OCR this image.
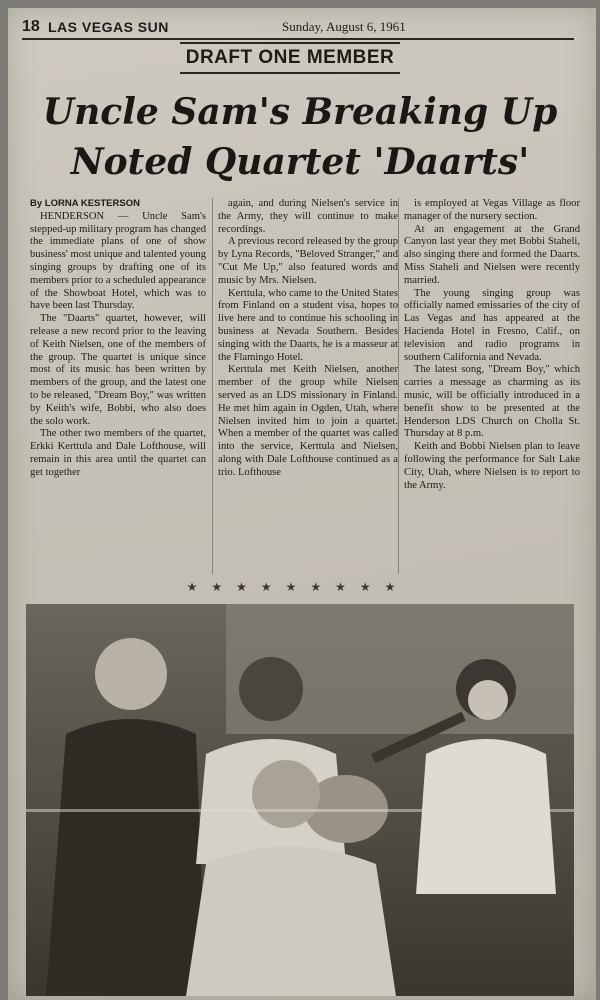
18 LAS VEGAS SUN	Sunday, August 6, 1961
DRAFT ONE MEMBER
Uncle Sam's Breaking Up
Noted Quartet 'Daarts'

By LORNA KESTERSON

HENDERSON — Uncle Sam's stepped-up military program has changed the immediate plans of one of show business' most unique and talented young singing groups by drafting one of its members prior to a scheduled appearance of the Showboat Hotel, which was to have been last Thursday.

The "Daarts" quartet, however, will release a new record prior to the leaving of Keith Nielsen, one of the members of the group. The quartet is unique since most of its music has been written by members of the group, and the latest one to be released, "Dream Boy," was written by Keith's wife, Bobbi, who also does the solo work.

The other two members of the quartet, Erkki Kerttula and Dale Lofthouse, will remain in this area until the quartet can get together

again, and during Nielsen's service in the Army, they will continue to make recordings.

A previous record released by the group by Lyna Records, "Beloved Stranger," and "Cut Me Up," also featured words and music by Mrs. Nielsen.

Kerttula, who came to the United States from Finland on a student visa, hopes to live here and to continue his schooling in business at Nevada Southern. Besides singing with the Daarts, he is a masseur at the Flamingo Hotel.

Kerttula met Keith Nielsen, another member of the group while Nielsen served as an LDS missionary in Finland. He met him again in Ogden, Utah, where Nielsen invited him to join a quartet. When a member of the quartet was called into the service, Kerttula and Nielsen, along with Dale Lofthouse continued as a trio. Lofthouse

is employed at Vegas Village as floor manager of the nursery section.

At an engagement at the Grand Canyon last year they met Bobbi Staheli, also singing there and formed the Daarts. Miss Staheli and Nielsen were recently married.

The young singing group was officially named emissaries of the city of Las Vegas and has appeared at the Hacienda Hotel in Fresno, Calif., on television and radio programs in southern California and Nevada.

The latest song, "Dream Boy," which carries a message as charming as its music, will be officially introduced in a benefit show to be presented at the Henderson LDS Church on Cholla St. Thursday at 8 p.m.

Keith and Bobbi Nielsen plan to leave following the performance for Salt Lake City, Utah, where Nielsen is to report to the Army.

★★★★★★★★★
